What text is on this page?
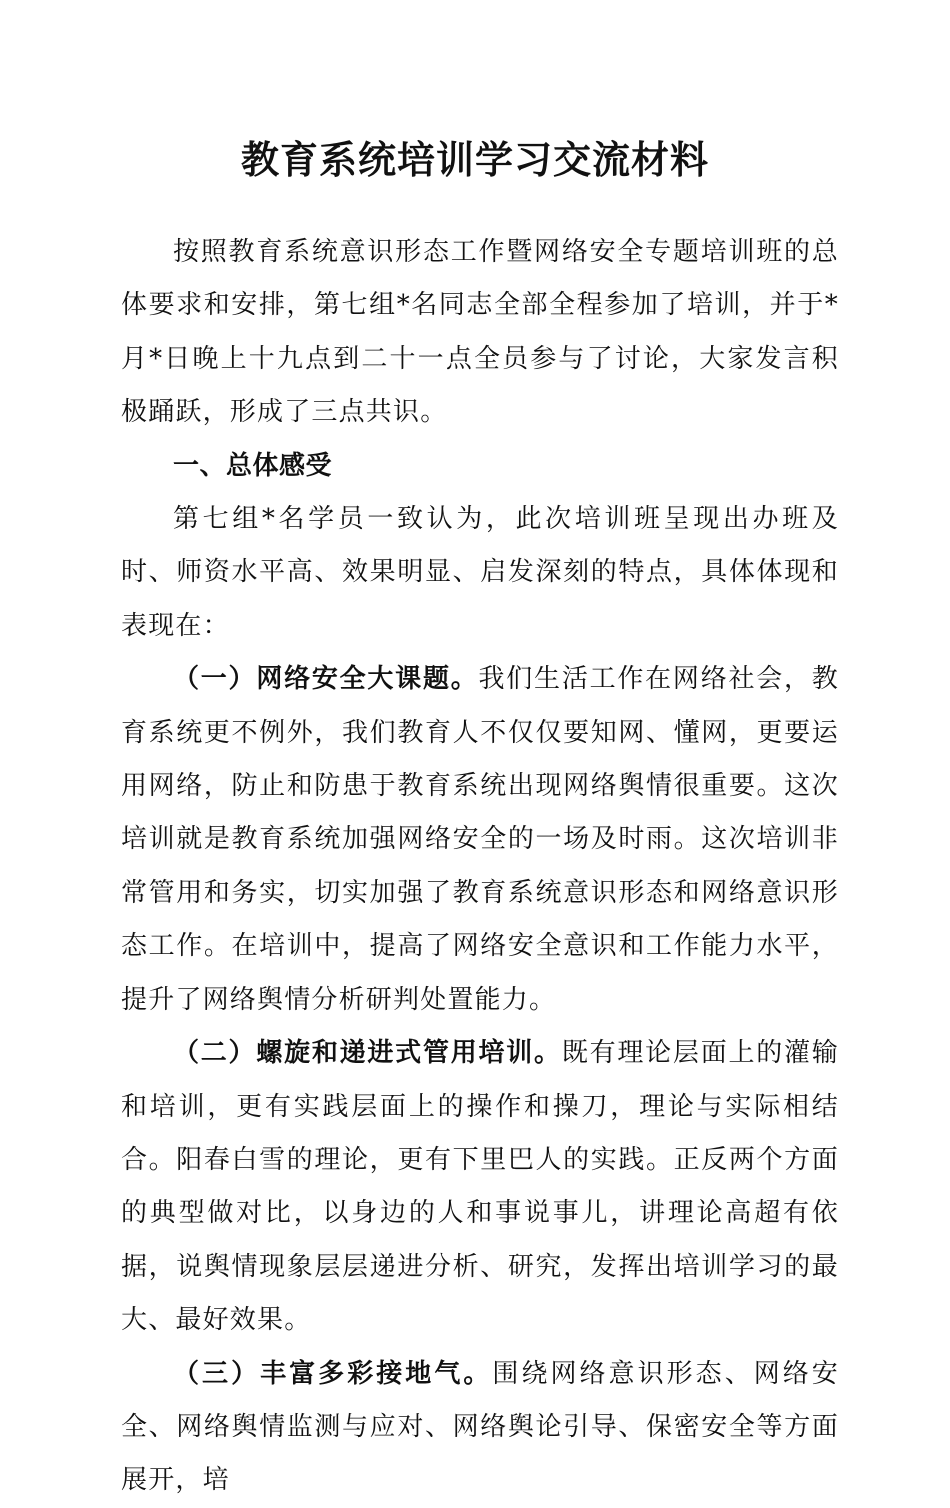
教育系统培训学习交流材料

按照教育系统意识形态工作暨网络安全专题培训班的总体要求和安排，第七组*名同志全部全程参加了培训，并于*月*日晚上十九点到二十一点全员参与了讨论，大家发言积极踊跃，形成了三点共识。

一、总体感受

第七组*名学员一致认为，此次培训班呈现出办班及时、师资水平高、效果明显、启发深刻的特点，具体体现和表现在：

（一）网络安全大课题。我们生活工作在网络社会，教育系统更不例外，我们教育人不仅仅要知网、懂网，更要运用网络，防止和防患于教育系统出现网络舆情很重要。这次培训就是教育系统加强网络安全的一场及时雨。这次培训非常管用和务实，切实加强了教育系统意识形态和网络意识形态工作。在培训中，提高了网络安全意识和工作能力水平，提升了网络舆情分析研判处置能力。

（二）螺旋和递进式管用培训。既有理论层面上的灌输和培训，更有实践层面上的操作和操刀，理论与实际相结合。阳春白雪的理论，更有下里巴人的实践。正反两个方面的典型做对比，以身边的人和事说事儿，讲理论高超有依据，说舆情现象层层递进分析、研究，发挥出培训学习的最大、最好效果。

（三）丰富多彩接地气。围绕网络意识形态、网络安全、网络舆情监测与应对、网络舆论引导、保密安全等方面展开，培
